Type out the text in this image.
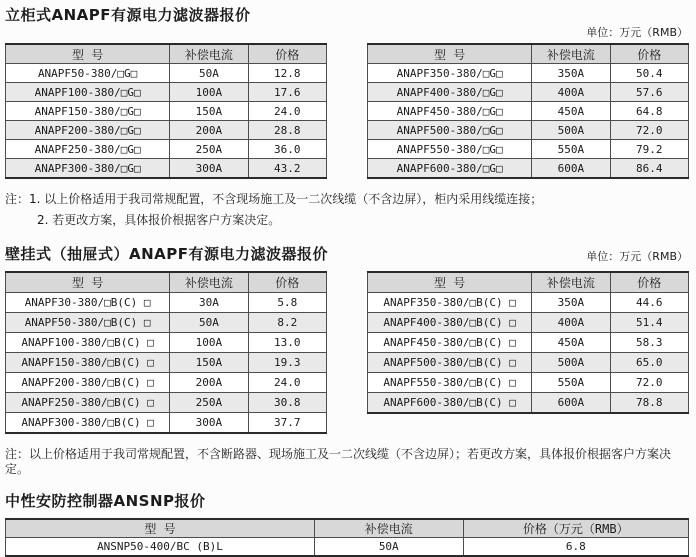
立柜式ANAPF有源电力滤波器报价
单位：万元（RMB）
型 号	补偿电流	价格
ANAPF50-380/□G□	50A	12.8
ANAPF100-380/□G□	100A	17.6
ANAPF150-380/□G□	150A	24.0
ANAPF200-380/□G□	200A	28.8
ANAPF250-380/□G□	250A	36.0
ANAPF300-380/□G□	300A	43.2
型 号	补偿电流	价格
ANAPF350-380/□G□	350A	50.4
ANAPF400-380/□G□	400A	57.6
ANAPF450-380/□G□	450A	64.8
ANAPF500-380/□G□	500A	72.0
ANAPF550-380/□G□	550A	79.2
ANAPF600-380/□G□	600A	86.4
注：1. 以上价格适用于我司常规配置，不含现场施工及一二次线缆（不含边屏），柜内采用线缆连接；
2. 若更改方案，具体报价根据客户方案决定。
壁挂式（抽屉式）ANAPF有源电力滤波器报价	单位：万元（RMB）
型 号	补偿电流	价格
ANAPF30-380/□B(C) □	30A	5.8
ANAPF50-380/□B(C) □	50A	8.2
ANAPF100-380/□B(C) □	100A	13.0
ANAPF150-380/□B(C) □	150A	19.3
ANAPF200-380/□B(C) □	200A	24.0
ANAPF250-380/□B(C) □	250A	30.8
ANAPF300-380/□B(C) □	300A	37.7
型 号	补偿电流	价格
ANAPF350-380/□B(C) □	350A	44.6
ANAPF400-380/□B(C) □	400A	51.4
ANAPF450-380/□B(C) □	450A	58.3
ANAPF500-380/□B(C) □	500A	65.0
ANAPF550-380/□B(C) □	550A	72.0
ANAPF600-380/□B(C) □	600A	78.8
注：以上价格适用于我司常规配置，不含断路器、现场施工及一二次线缆（不含边屏）；若更改方案，具体报价根据客户方案决定。
中性安防控制器ANSNP报价
型 号	补偿电流	价格（万元（RMB）
ANSNP50-400/BC (B)L	50A	6.8
